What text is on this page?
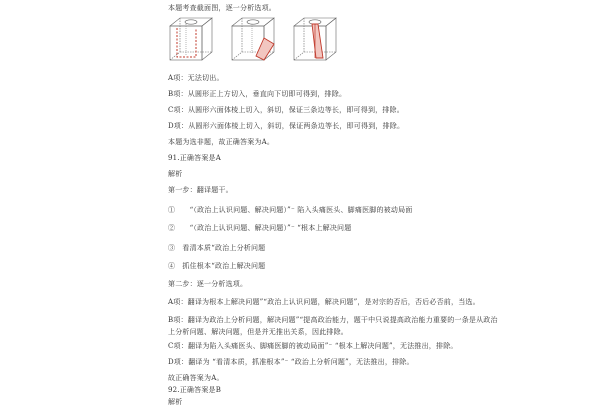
本题考查截面图，逐一分析选项。
A项：无法切出。
B项：从圆形正上方切入，垂直向下切即可得到，排除。
C项：从圆形六面体棱上切入，斜切，保证三条边等长，即可得到，排除。
D项：从圆形六面体棱上切入，斜切，保证两条边等长，即可得到，排除。
本题为选非题，故正确答案为A。
91.正确答案是A
解析
第一步：翻译题干。
①　　“（政治上认识问题、解决问题）”⁻ 陷入头痛医头、脚痛医脚的被动局面
②　　“（政治上认识问题、解决问题）”⁻ “根本上解决问题
③　看清本质“政治上分析问题
④　抓住根本“政治上解决问题
第二步：逐一分析选项。
A项：翻译为根本上解决问题”“政治上认识问题，解决问题”，是对宗的否后，否后必否前，当选。
B项：翻译为政治上分析问题，解决问题”“提高政治能力，题干中只说提高政治能力重要的一条是从政治
上分析问题、解决问题，但是并无推出关系，因此排除。
C项：翻译为陷入头痛医头、脚痛医脚的被动局面”⁻ “根本上解决问题”，无法推出，排除。
D项：翻译为 “看清本质，抓准根本”⁻ “政治上分析问题”，无法推出，排除。
故正确答案为A。
92.正确答案是B
解析
